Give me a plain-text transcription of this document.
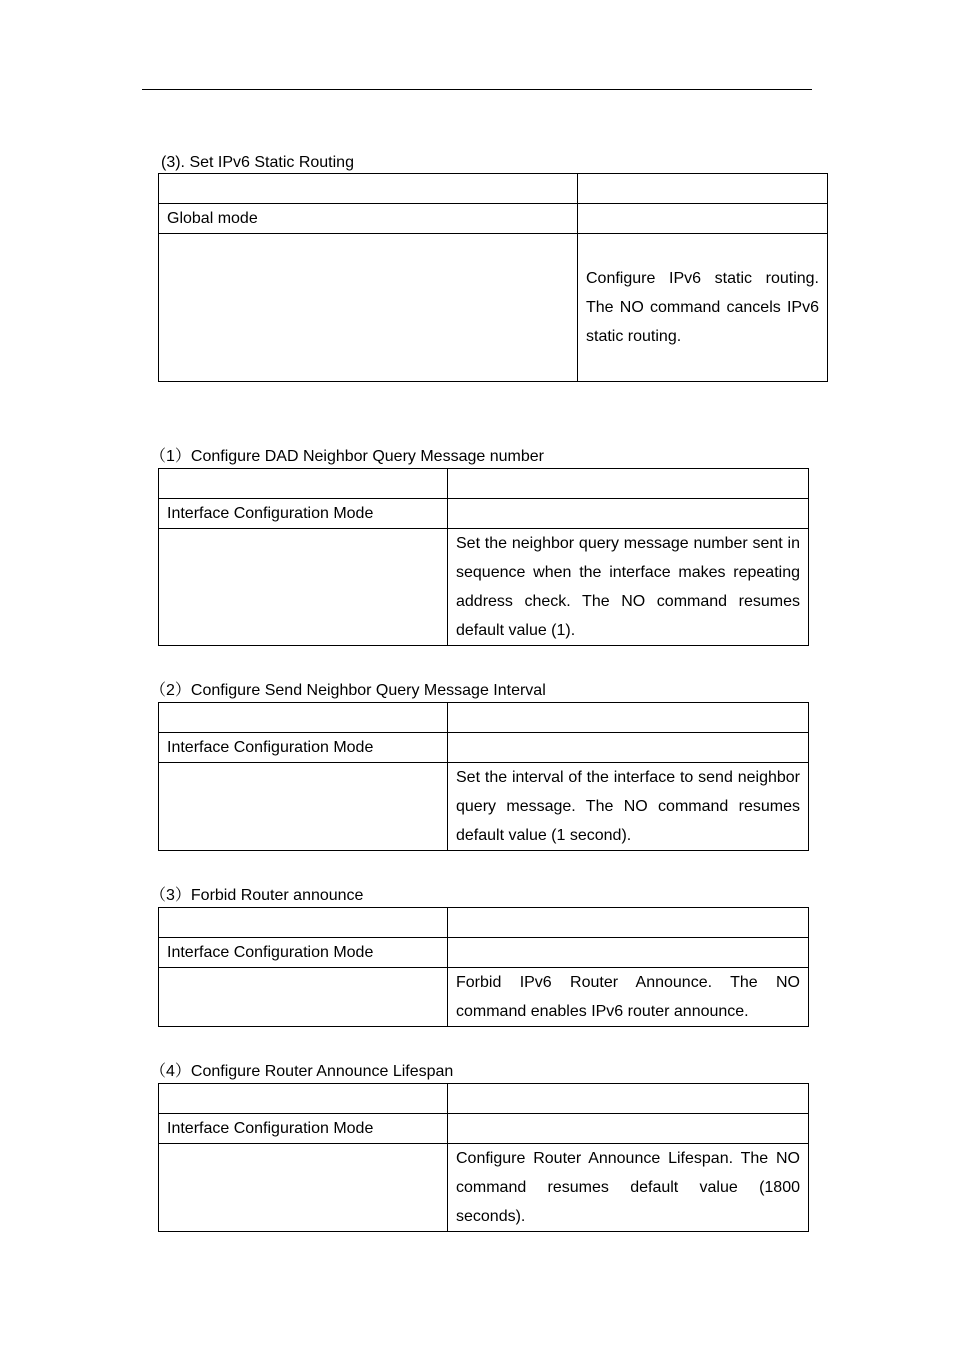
(3). Set IPv6 Static Routing

Global mode	
	Configure IPv6 static routing. The NO command cancels IPv6 static routing.
（1）Configure DAD Neighbor Query Message number

Interface Configuration Mode	
	Set the neighbor query message number sent in sequence when the interface makes repeating address check. The NO command resumes default value (1).
（2）Configure Send Neighbor Query Message Interval

Interface Configuration Mode	
	Set the interval of the interface to send neighbor query message. The NO command resumes default value (1 second).
（3）Forbid Router announce

Interface Configuration Mode	
	Forbid IPv6 Router Announce. The NO command enables IPv6 router announce.
（4）Configure Router Announce Lifespan

Interface Configuration Mode	
	Configure Router Announce Lifespan. The NO command resumes default value (1800 seconds).
